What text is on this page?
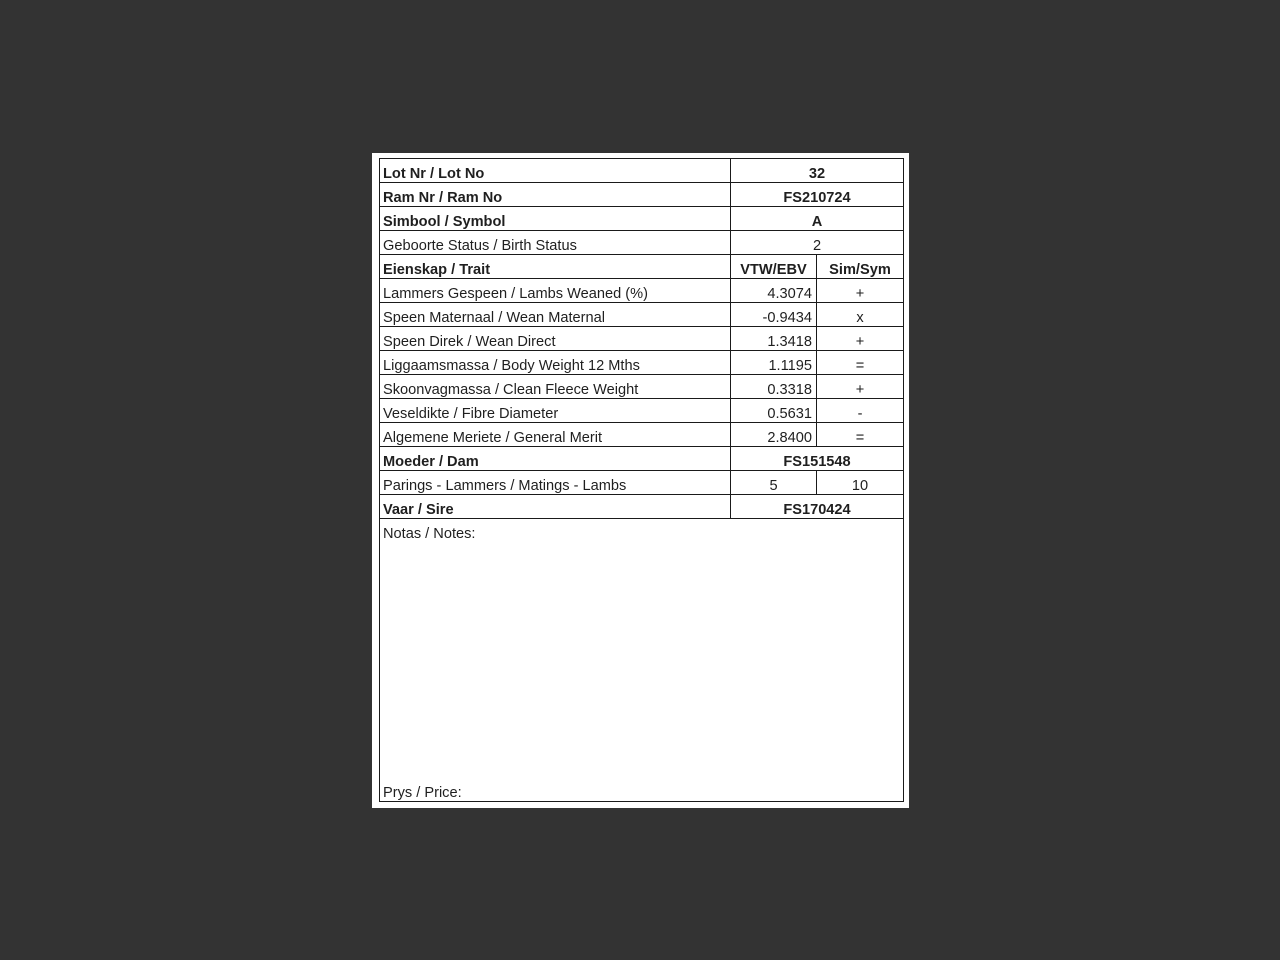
Lot Nr / Lot No	32
Ram Nr / Ram No	FS210724
Simbool / Symbol	A
Geboorte Status / Birth Status	2
Eienskap / Trait	VTW/EBV	Sim/Sym
Lammers Gespeen / Lambs Weaned (%)	4.3074	+
Speen Maternaal / Wean Maternal	-0.9434	x
Speen Direk / Wean Direct	1.3418	+
Liggaamsmassa / Body Weight 12 Mths	1.1195	=
Skoonvagmassa / Clean Fleece Weight	0.3318	+
Veseldikte / Fibre Diameter	0.5631	-
Algemene Meriete / General Merit	2.8400	=
Moeder / Dam	FS151548
Parings - Lammers / Matings - Lambs	5	10
Vaar / Sire	FS170424
Notas / Notes:
Prys / Price:
